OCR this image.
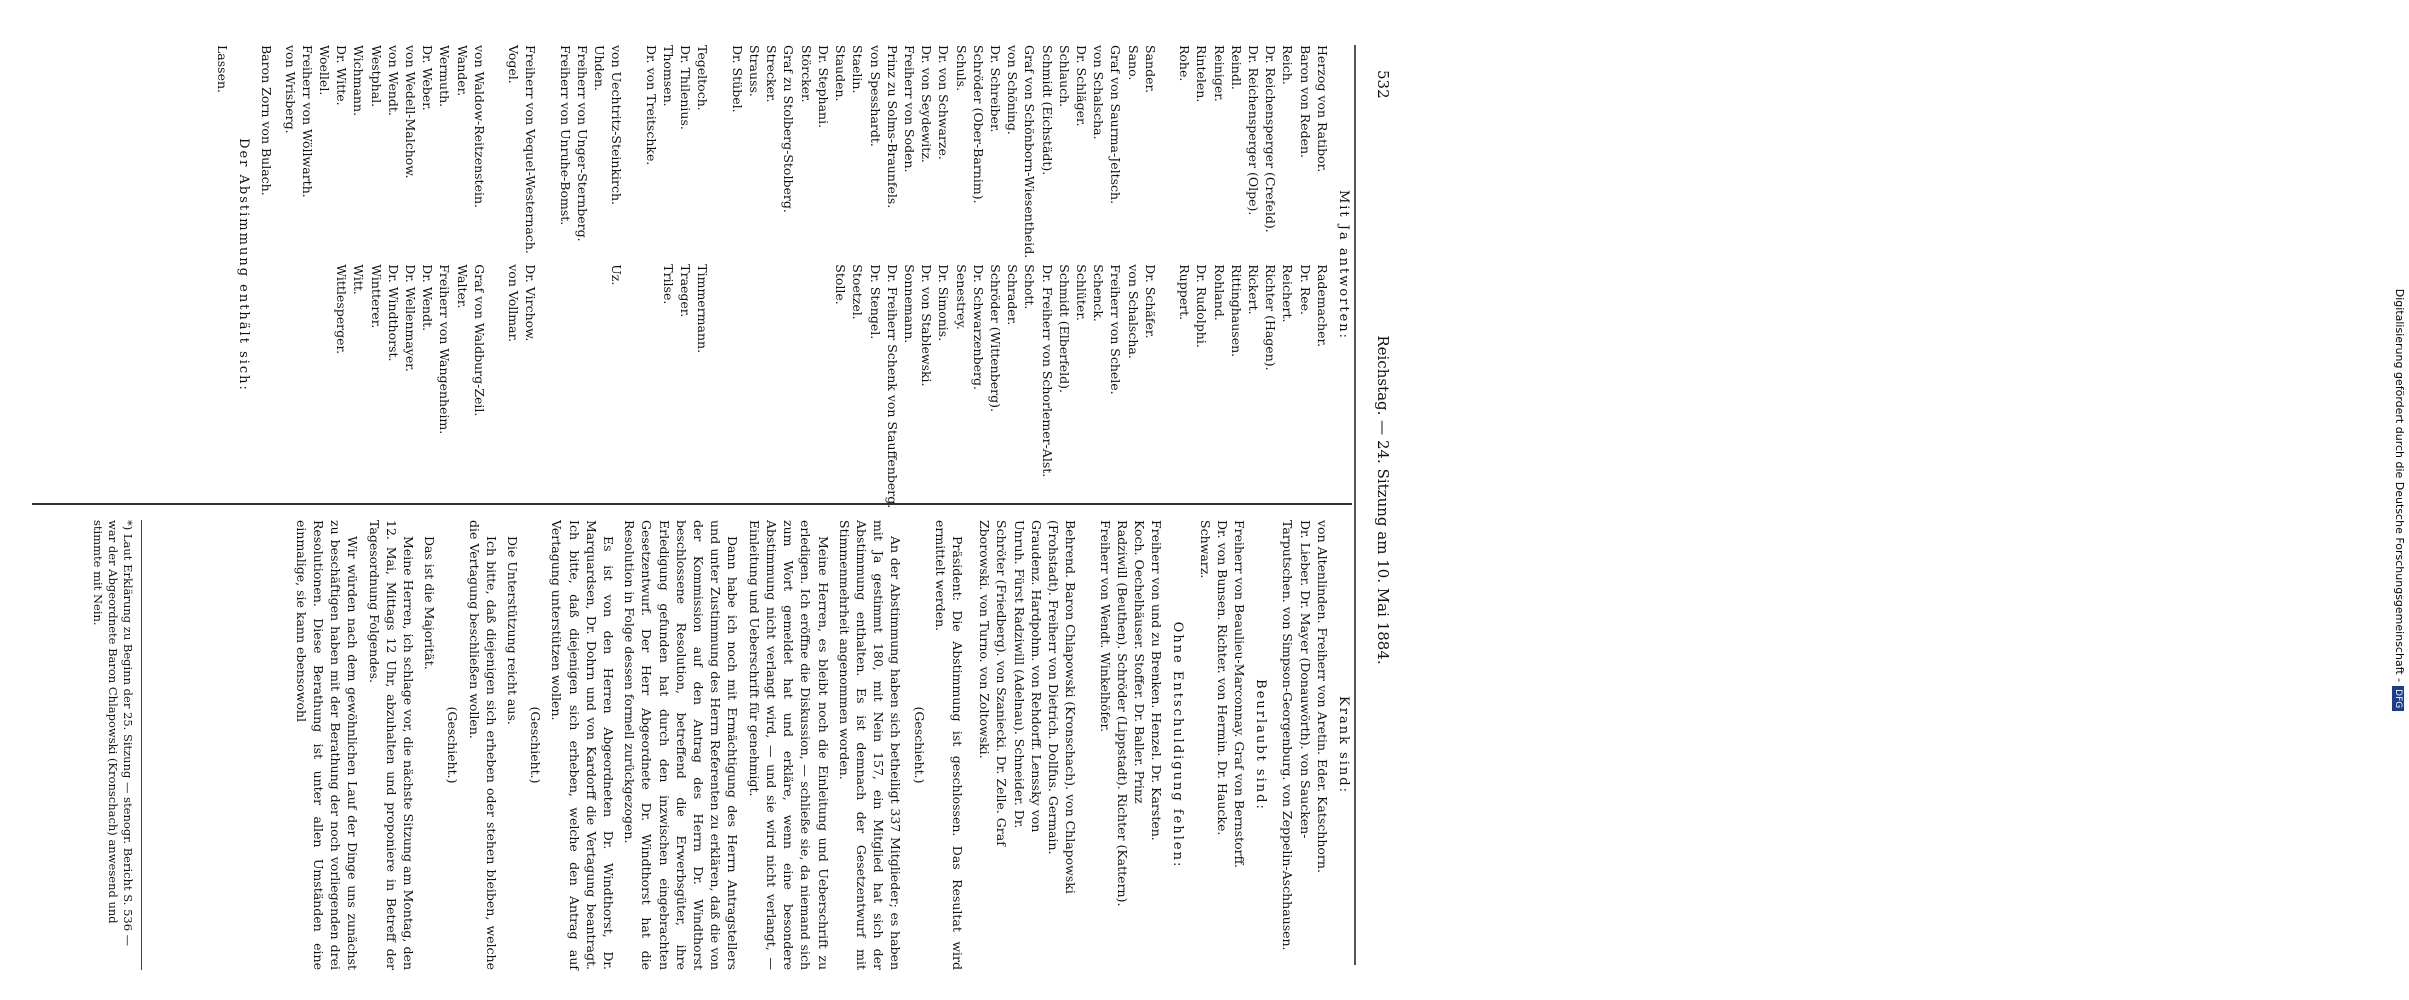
532
Reichstag. — 24. Sitzung am 10. Mai 1884.
Mit Ja antworten:
Herzog von Ratibor.
Baron von Reden.
Reich.
Dr. Reichensperger (Crefeld).
Dr. Reichensperger (Olpe).
Reindl.
Reiniger.
Rintelen.
Rohe.

Sander.
Sano.
Graf von Saurma-Jeltsch.
von Schalscha.
Dr. Schläger.
Schlauch.
Schmidt (Eichstädt).
Graf von Schönborn-Wiesentheid.
von Schöning.
Dr. Schreiber.
Schröder (Ober-Barnim).
Schuls.
Dr. von Schwarze.
Dr. von Seydewitz.
Freiherr von Soden.
Prinz zu Solms-Braunfels.
von Spesshardt.
Staelin.
Stauden.
Dr. Stephani.
Störcker.
Graf zu Stolberg-Stolberg.
Strecker.
Strauss.
Dr. Stübel.

Tegeltoch.
Dr. Thilenius.
Thomsen.
Dr. von Treitschke.

von Uechtritz-Steinkirch.
Uhden.
Freiherr von Unger-Sternberg.
Freiherr von Unruhe-Bomst.

Freiherr von Vequel-Westernach.
Vogel.

von Waldow-Reitzenstein.
Wander.
Wermuth.
Dr. Weber.
von Wedell-Malchow.
von Wendt.
Westphal.
Wichmann.
Dr. Witte.
Woellel.
Freiherr von Wöllwarth.
von Wrisberg.
Rademacher.
Dr. Ree.
Reichert.
Richter (Hagen).
Rickert.
Rittinghausen.
Rohland.
Dr. Rudolphi.
Ruppert.

Dr. Schäfer.
von Schalscha.
Freiherr von Schele.
Schenck.
Schlüter.
Schmidt (Elberfeld).
Dr. Freiherr von Schorlemer-Alst.
Schott.
Schrader.
Schröder (Wittenberg).
Dr. Schwarzenberg.
Senestrey.
Dr. Simonis.
Dr. von Stablewski.
Sonnemann.
Dr. Freiherr Schenk von Stauffenberg.
Dr. Stengel.
Stoetzel.
Stolle.

Timmermann.
Traeger.
Trilse.

Uz.

Dr. Virchow.
von Vollmar.

Graf von Waldburg-Zeil.
Walter.
Freiherr von Wangenheim.
Dr. Wendt.
Dr. Wellenmayer.
Dr. Windthorst.
Wintterer.
Witt.
Wittlesperger.

Baron Zorn von Bulach.
Der Abstimmung enthält sich:
Lassen.
Krank sind:
von Altenlinden. Freiherr von Aretin. Eder. Katschhorn.
Dr. Lieber. Dr. Mayer (Donauwörth). von Saucken-
Tarputschen. von Simpson-Georgenburg. von Zeppelin-Aschhausen.
Beurlaubt sind:
Freiherr von Beaulieu-Marconnay. Graf von Bernstorff.
Dr. von Bunsen. Richter. von Hermin. Dr. Haucke.
Schwarz.
Ohne Entschuldigung fehlen:
Freiherr von und zu Brenken. Henzel. Dr. Karsten.
Koch. Oechelhäuser. Stoffer. Dr. Baller. Prinz
Radziwill (Beuthen). Schröder (Lippstadt). Richter (Kattern).
Freiherr von Wendt. Winkelhöfer.

Behrend. Baron Chlapowski (Kronschach). von Chlapowski
(Frohstadt). Freiherr von Dietrich. Dollfus. Germain.
Graudenz. Hardpohm. von Rehdorff. Lenssky von
Unruh. Fürst Radziwill (Adelnau). Schneider. Dr.
Schröter (Friedberg). von Szaniecki. Dr. Zelle. Graf
Zborowski. von Turno. von Zoltowski.

Präsident: Die Abstimmung ist geschlossen. Das Resultat wird ermittelt werden.

(Geschieht.)

An der Abstimmung haben sich betheiligt 337 Mitglieder; es haben mit Ja gestimmt 180, mit Nein 157, ein Mitglied hat sich der Abstimmung enthalten. Es ist demnach der Gesetzentwurf mit Stimmenmehrheit angenommen worden.

Meine Herren, es bleibt noch die Einleitung und Ueberschrift zu erledigen. Ich eröffne die Diskussion, — schließe sie, da niemand sich zum Wort gemeldet hat und erkläre, wenn eine besondere Abstimmung nicht verlangt wird, — und sie wird nicht verlangt, — Einleitung und Ueberschrift für genehmigt.

Dann habe ich noch mit Ermächtigung des Herrn Antragstellers und unter Zustimmung des Herrn Referenten zu erklären, daß die von der Kommission auf den Antrag des Herrn Dr. Windthorst beschlossene Resolution, betreffend die Erwerbsgüter, ihre Erledigung gefunden hat durch den inzwischen eingebrachten Gesetzentwurf. Der Herr Abgeordnete Dr. Windthorst hat die Resolution in Folge dessen formell zurückgezogen.

Es ist von den Herren Abgeordneten Dr. Windthorst, Dr. Marquardsen, Dr. Dohrn und von Kardorff die Vertagung beantragt. Ich bitte, daß diejenigen sich erheben, welche den Antrag auf Vertagung unterstützen wollen.

(Geschieht.)

Die Unterstützung reicht aus.

Ich bitte, daß diejenigen sich erheben oder stehen bleiben, welche die Vertagung beschließen wollen.

(Geschieht.)

Das ist die Majorität.

Meine Herren, ich schlage vor, die nächste Sitzung am Montag, den 12. Mai, Mittags 12 Uhr, abzuhalten und proponiere in Betreff der Tagesordnung Folgendes.

Wir würden nach dem gewöhnlichen Lauf der Dinge uns zunächst zu beschäftigen haben mit der Berathung der noch vorliegenden drei Resolutionen. Diese Berathung ist unter allen Umständen eine einmalige, sie kann ebensowohl

*) Laut Erklärung zu Beginn der 25. Sitzung — stenogr. Bericht S. 536 — war der Abgeordnete Baron Chlapowski (Kronschach) anwesend und stimmte mit Nein.	Digitalisierung gefördert durch die Deutsche Forschungsgemeinschaft -DFG
